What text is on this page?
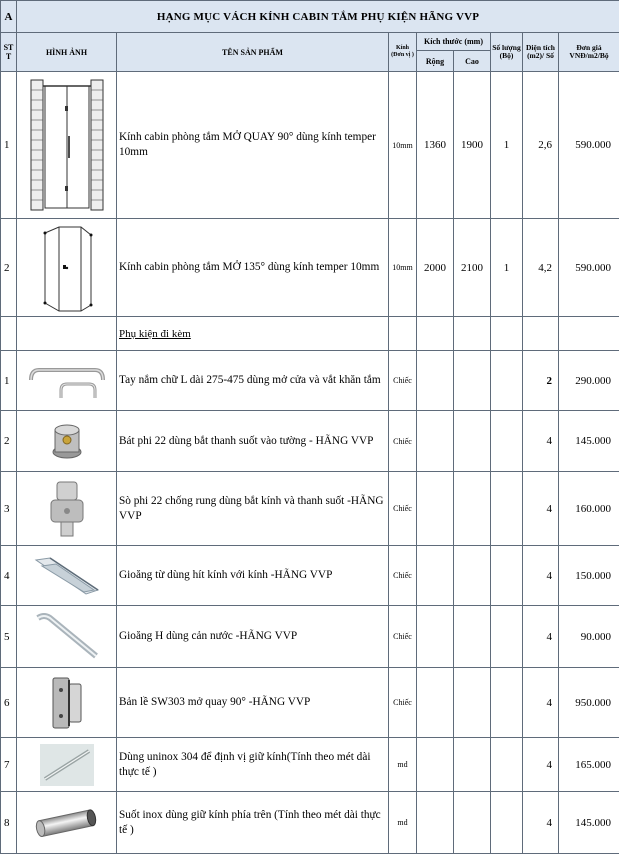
A	HẠNG MỤC VÁCH KÍNH CABIN TẮM PHỤ KIỆN HÃNG VVP							
ST T	HÌNH ẢNH	TÊN SẢN PHẨM	Kính
(Đơn vị )	Kích thước (mm)		Số lượng (Bộ)	Diện tích (m2)/ Số	Đơn giá VNĐ/m2/Bộ
				Rộng	Cao			
1		Kính cabin phòng tắm MỞ QUAY 90° dùng kính temper 10mm	10mm	1360	1900	1	2,6	590.000
2		Kính cabin phòng tắm MỞ 135° dùng kính temper 10mm	10mm	2000	2100	1	4,2	590.000
		Phụ kiện đi kèm						
1		Tay nắm chữ L dài 275-475 dùng mở cửa và vắt khăn tắm	Chiếc				2	290.000
2		Bát phi 22 dùng bắt thanh suốt vào tường - HÃNG VVP	Chiếc				4	145.000
3		Sò phi 22 chống rung dùng bắt kính và thanh suốt -HÃNG VVP	Chiếc				4	160.000
4		Gioăng từ dùng hít kính với kính -HÃNG VVP	Chiếc				4	150.000
5		Gioăng H dùng cản nước -HÃNG VVP	Chiếc				4	90.000
6		Bản lề SW303 mở quay 90° -HÃNG VVP	Chiếc				4	950.000
7		Dùng uninox 304 để định vị giữ kính(Tính theo mét dài thực tế )	md				4	165.000
8		Suốt inox dùng giữ kính phía trên (Tính theo mét dài thực tế )	md				4	145.000
